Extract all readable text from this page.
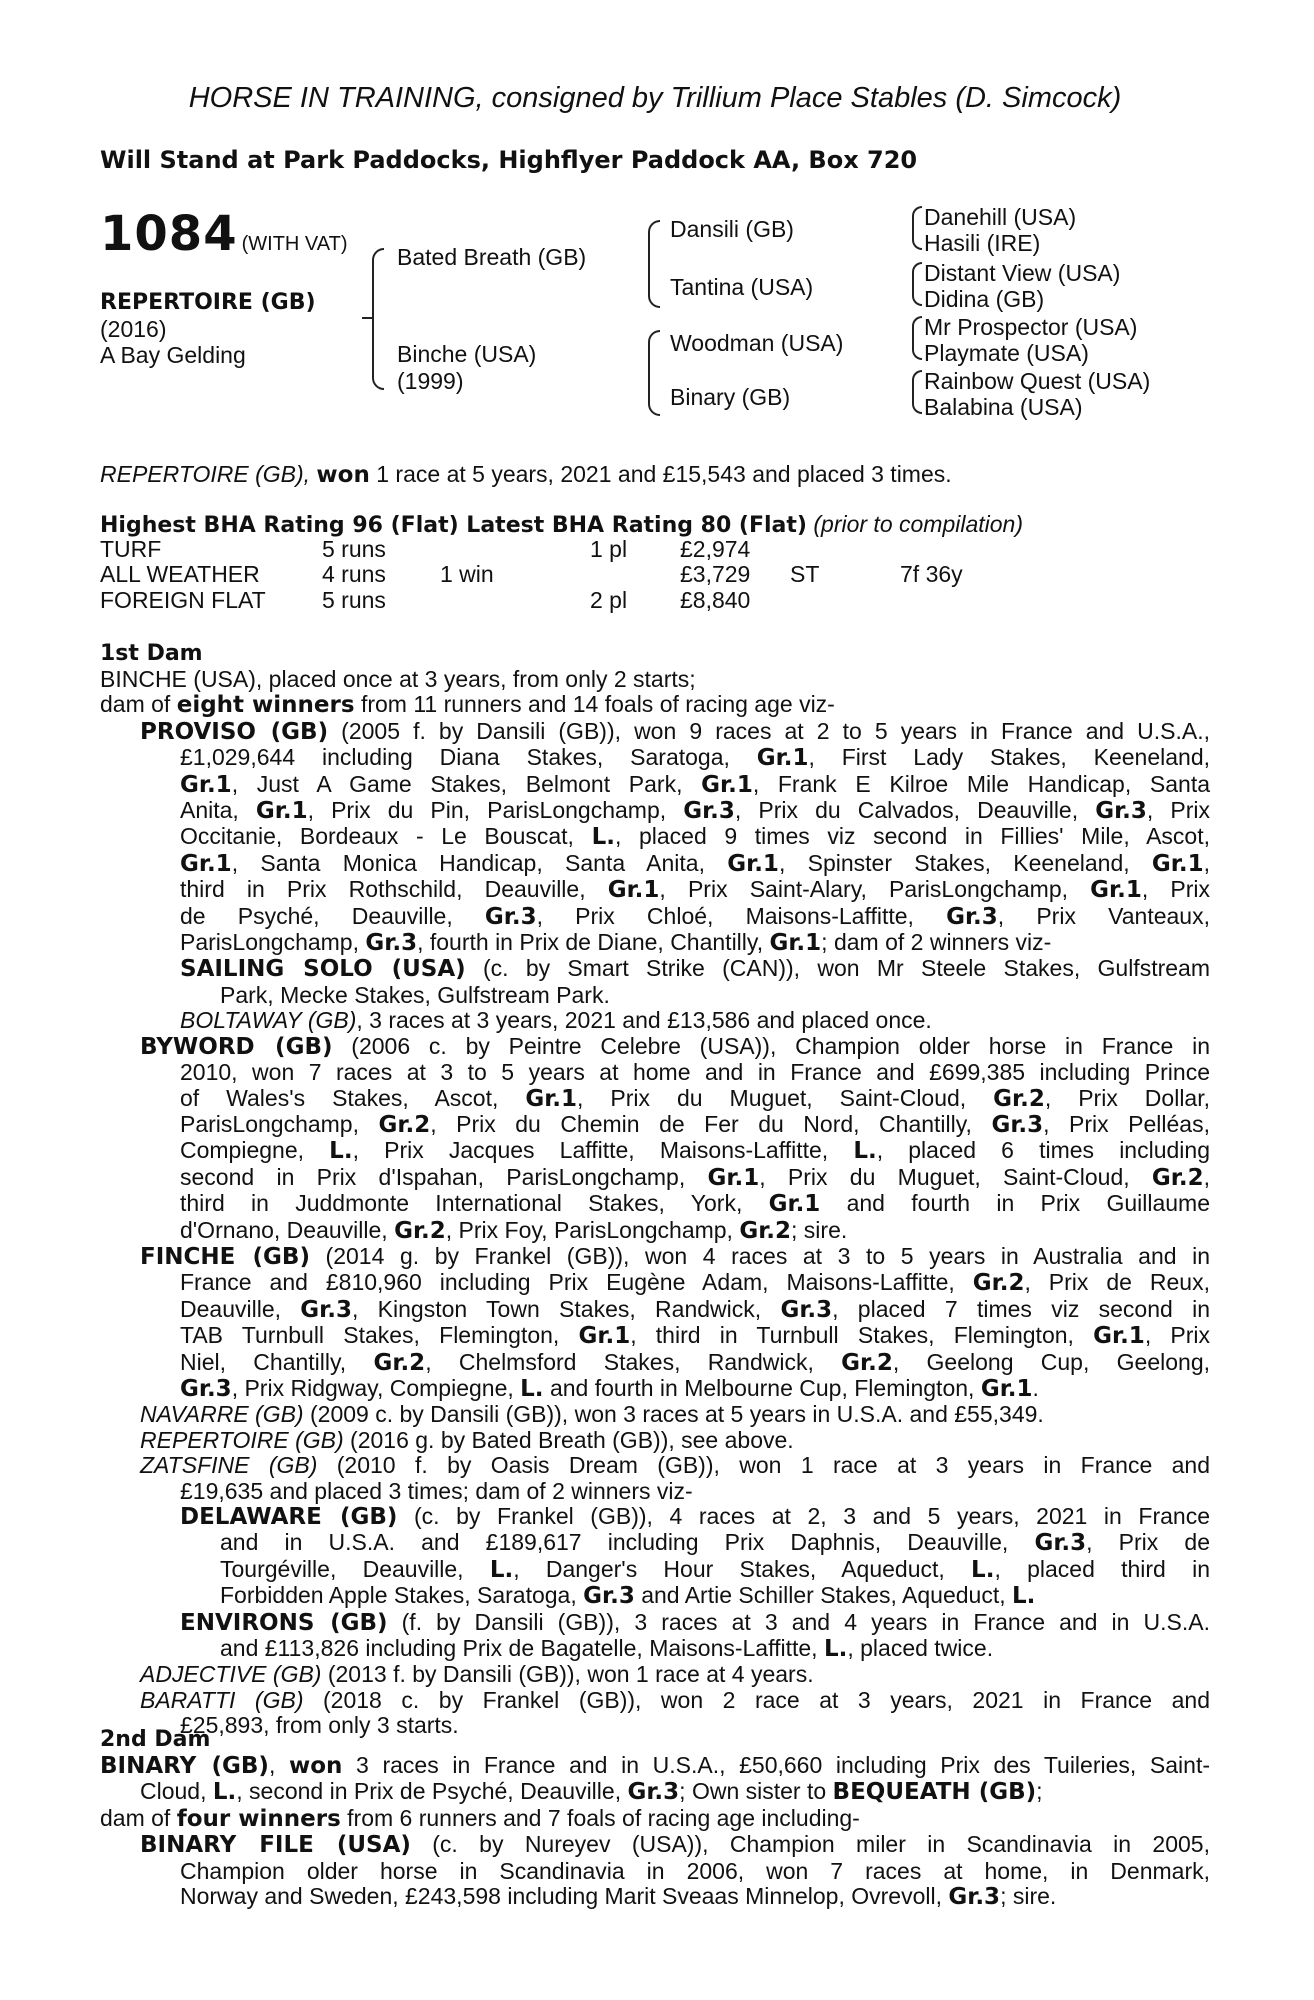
HORSE IN TRAINING, consigned by Trillium Place Stables (D. Simcock)
Will Stand at Park Paddocks, Highflyer Paddock AA, Box 720
1084 (WITH VAT)
REPERTOIRE (GB)
(2016)
A Bay Gelding
Bated Breath (GB)
Binche (USA)
(1999)
Dansili (GB)
Tantina (USA)
Woodman (USA)
Binary (GB)
Danehill (USA)
Hasili (IRE)
Distant View (USA)
Didina (GB)
Mr Prospector (USA)
Playmate (USA)
Rainbow Quest (USA)
Balabina (USA)
REPERTOIRE (GB), won 1 race at 5 years, 2021 and £15,543 and placed 3 times.
Highest BHA Rating 96 (Flat) Latest BHA Rating 80 (Flat) (prior to compilation)
TURF	5 runs	1 pl £2,974
ALL WEATHER	4 runs 1 win	£3,729 ST	7f 36y
FOREIGN FLAT 5 runs	2 pl £8,840
1st Dam
BINCHE (USA), placed once at 3 years, from only 2 starts;
dam of eight winners from 11 runners and 14 foals of racing age viz-
PROVISO (GB) (2005 f. by Dansili (GB)), won 9 races at 2 to 5 years in France and U.S.A.,
£1,029,644 including Diana Stakes, Saratoga, Gr.1, First Lady Stakes, Keeneland,
Gr.1, Just A Game Stakes, Belmont Park, Gr.1, Frank E Kilroe Mile Handicap, Santa
Anita, Gr.1, Prix du Pin, ParisLongchamp, Gr.3, Prix du Calvados, Deauville, Gr.3, Prix
Occitanie, Bordeaux - Le Bouscat, L., placed 9 times viz second in Fillies' Mile, Ascot,
Gr.1, Santa Monica Handicap, Santa Anita, Gr.1, Spinster Stakes, Keeneland, Gr.1,
third in Prix Rothschild, Deauville, Gr.1, Prix Saint-Alary, ParisLongchamp, Gr.1, Prix
de Psyché, Deauville, Gr.3, Prix Chloé, Maisons-Laffitte, Gr.3, Prix Vanteaux,
ParisLongchamp, Gr.3, fourth in Prix de Diane, Chantilly, Gr.1; dam of 2 winners viz-
SAILING SOLO (USA) (c. by Smart Strike (CAN)), won Mr Steele Stakes, Gulfstream
Park, Mecke Stakes, Gulfstream Park.
BOLTAWAY (GB), 3 races at 3 years, 2021 and £13,586 and placed once.
BYWORD (GB) (2006 c. by Peintre Celebre (USA)), Champion older horse in France in
2010, won 7 races at 3 to 5 years at home and in France and £699,385 including Prince
of Wales's Stakes, Ascot, Gr.1, Prix du Muguet, Saint-Cloud, Gr.2, Prix Dollar,
ParisLongchamp, Gr.2, Prix du Chemin de Fer du Nord, Chantilly, Gr.3, Prix Pelléas,
Compiegne, L., Prix Jacques Laffitte, Maisons-Laffitte, L., placed 6 times including
second in Prix d'Ispahan, ParisLongchamp, Gr.1, Prix du Muguet, Saint-Cloud, Gr.2,
third in Juddmonte International Stakes, York, Gr.1 and fourth in Prix Guillaume
d'Ornano, Deauville, Gr.2, Prix Foy, ParisLongchamp, Gr.2; sire.
FINCHE (GB) (2014 g. by Frankel (GB)), won 4 races at 3 to 5 years in Australia and in
France and £810,960 including Prix Eugène Adam, Maisons-Laffitte, Gr.2, Prix de Reux,
Deauville, Gr.3, Kingston Town Stakes, Randwick, Gr.3, placed 7 times viz second in
TAB Turnbull Stakes, Flemington, Gr.1, third in Turnbull Stakes, Flemington, Gr.1, Prix
Niel, Chantilly, Gr.2, Chelmsford Stakes, Randwick, Gr.2, Geelong Cup, Geelong,
Gr.3, Prix Ridgway, Compiegne, L. and fourth in Melbourne Cup, Flemington, Gr.1.
NAVARRE (GB) (2009 c. by Dansili (GB)), won 3 races at 5 years in U.S.A. and £55,349.
REPERTOIRE (GB) (2016 g. by Bated Breath (GB)), see above.
ZATSFINE (GB) (2010 f. by Oasis Dream (GB)), won 1 race at 3 years in France and
£19,635 and placed 3 times; dam of 2 winners viz-
DELAWARE (GB) (c. by Frankel (GB)), 4 races at 2, 3 and 5 years, 2021 in France
and in U.S.A. and £189,617 including Prix Daphnis, Deauville, Gr.3, Prix de
Tourgéville, Deauville, L., Danger's Hour Stakes, Aqueduct, L., placed third in
Forbidden Apple Stakes, Saratoga, Gr.3 and Artie Schiller Stakes, Aqueduct, L.
ENVIRONS (GB) (f. by Dansili (GB)), 3 races at 3 and 4 years in France and in U.S.A.
and £113,826 including Prix de Bagatelle, Maisons-Laffitte, L., placed twice.
ADJECTIVE (GB) (2013 f. by Dansili (GB)), won 1 race at 4 years.
BARATTI (GB) (2018 c. by Frankel (GB)), won 2 race at 3 years, 2021 in France and
£25,893, from only 3 starts.
2nd Dam
BINARY (GB), won 3 races in France and in U.S.A., £50,660 including Prix des Tuileries, Saint-
Cloud, L., second in Prix de Psyché, Deauville, Gr.3; Own sister to BEQUEATH (GB);
dam of four winners from 6 runners and 7 foals of racing age including-
BINARY FILE (USA) (c. by Nureyev (USA)), Champion miler in Scandinavia in 2005,
Champion older horse in Scandinavia in 2006, won 7 races at home, in Denmark,
Norway and Sweden, £243,598 including Marit Sveaas Minnelop, Ovrevoll, Gr.3; sire.
